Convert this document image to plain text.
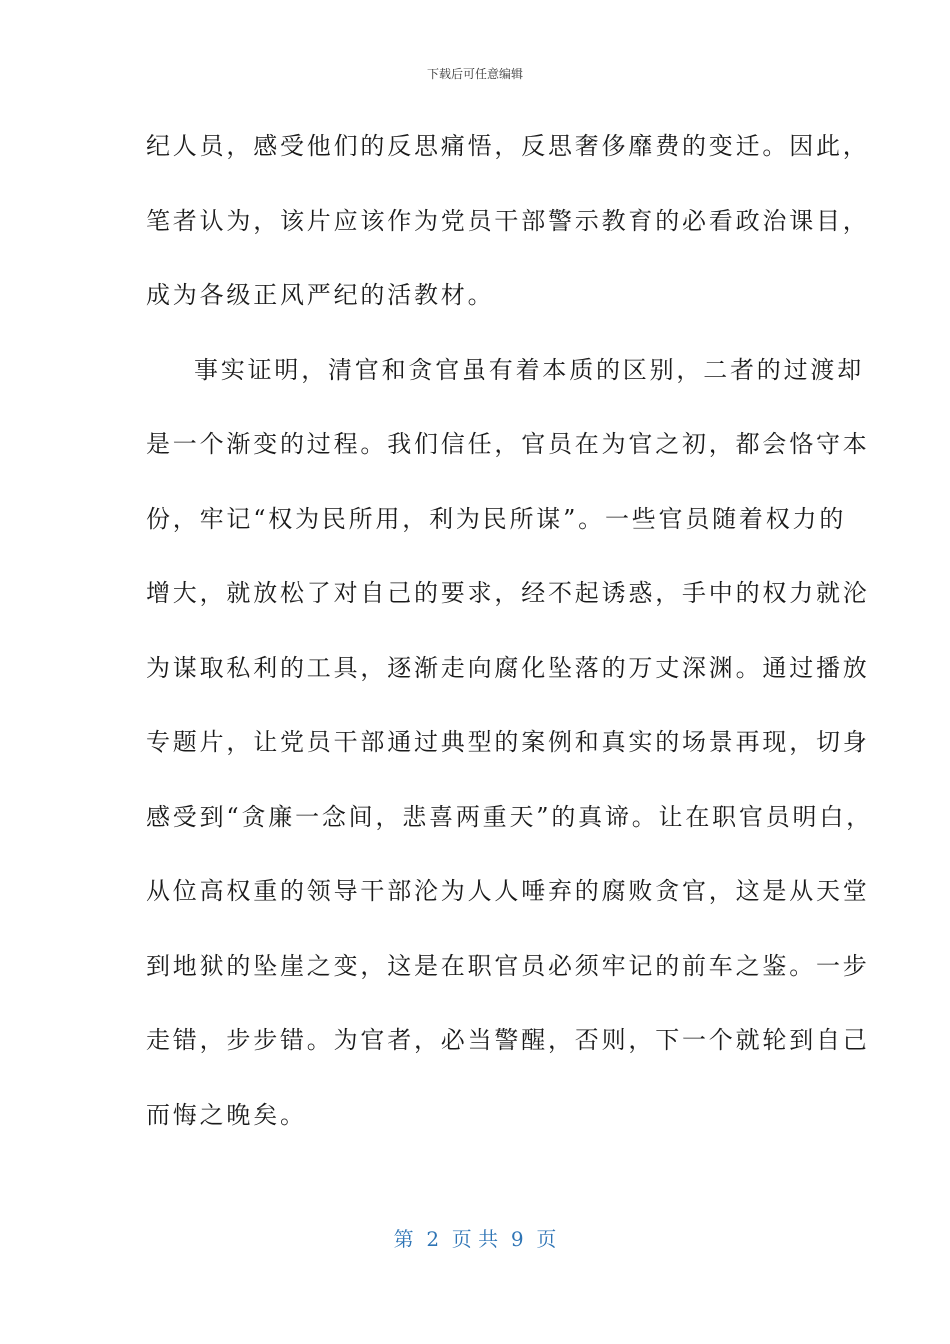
下载后可任意编辑
纪人员，感受他们的反思痛悟，反思奢侈靡费的变迁。因此，
笔者认为，该片应该作为党员干部警示教育的必看政治课目，
成为各级正风严纪的活教材。
事实证明，清官和贪官虽有着本质的区别，二者的过渡却
是一个渐变的过程。我们信任，官员在为官之初，都会恪守本
份，牢记“权为民所用，利为民所谋”。一些官员随着权力的
增大，就放松了对自己的要求，经不起诱惑，手中的权力就沦
为谋取私利的工具，逐渐走向腐化坠落的万丈深渊。通过播放
专题片，让党员干部通过典型的案例和真实的场景再现，切身
感受到“贪廉一念间，悲喜两重天”的真谛。让在职官员明白，
从位高权重的领导干部沦为人人唾弃的腐败贪官，这是从天堂
到地狱的坠崖之变，这是在职官员必须牢记的前车之鉴。一步
走错，步步错。为官者，必当警醒，否则，下一个就轮到自己
而悔之晚矣。
第  2  页 共  9  页
